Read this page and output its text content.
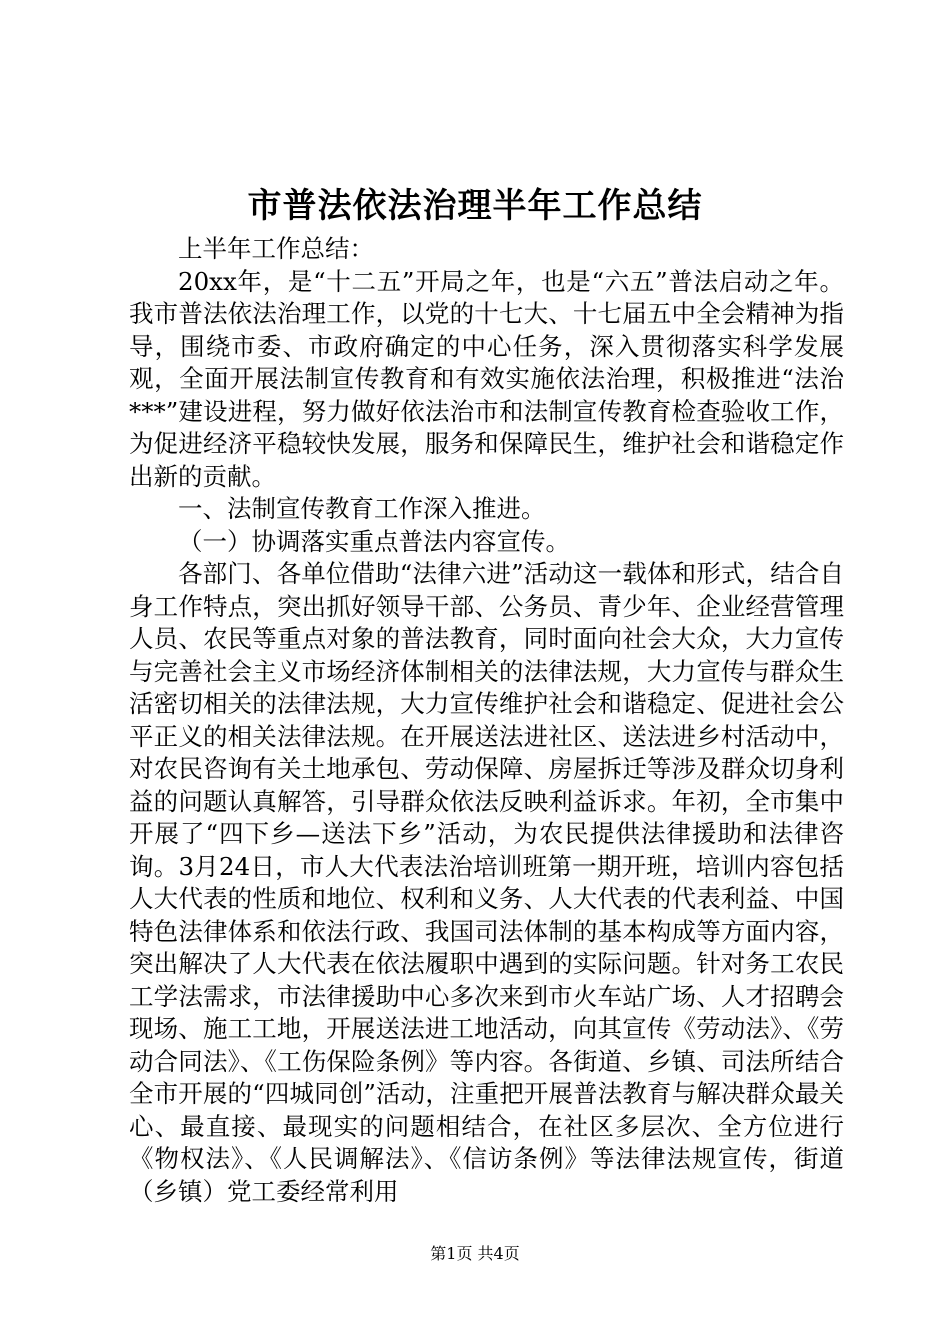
市普法依法治理半年工作总结

上半年工作总结：

20xx年，是“十二五”开局之年，也是“六五”普法启动之年。我市普法依法治理工作，以党的十七大、十七届五中全会精神为指导，围绕市委、市政府确定的中心任务，深入贯彻落实科学发展观，全面开展法制宣传教育和有效实施依法治理，积极推进“法治***”建设进程，努力做好依法治市和法制宣传教育检查验收工作，为促进经济平稳较快发展，服务和保障民生，维护社会和谐稳定作出新的贡献。

一、法制宣传教育工作深入推进。

（一）协调落实重点普法内容宣传。

各部门、各单位借助“法律六进”活动这一载体和形式，结合自身工作特点，突出抓好领导干部、公务员、青少年、企业经营管理人员、农民等重点对象的普法教育，同时面向社会大众，大力宣传与完善社会主义市场经济体制相关的法律法规，大力宣传与群众生活密切相关的法律法规，大力宣传维护社会和谐稳定、促进社会公平正义的相关法律法规。在开展送法进社区、送法进乡村活动中，对农民咨询有关土地承包、劳动保障、房屋拆迁等涉及群众切身利益的问题认真解答，引导群众依法反映利益诉求。年初，全市集中开展了“四下乡—送法下乡”活动，为农民提供法律援助和法律咨询。3月24日，市人大代表法治培训班第一期开班，培训内容包括人大代表的性质和地位、权利和义务、人大代表的代表利益、中国特色法律体系和依法行政、我国司法体制的基本构成等方面内容，突出解决了人大代表在依法履职中遇到的实际问题。针对务工农民工学法需求，市法律援助中心多次来到市火车站广场、人才招聘会现场、施工工地，开展送法进工地活动，向其宣传《劳动法》、《劳动合同法》、《工伤保险条例》等内容。各街道、乡镇、司法所结合全市开展的“四城同创”活动，注重把开展普法教育与解决群众最关心、最直接、最现实的问题相结合，在社区多层次、全方位进行《物权法》、《人民调解法》、《信访条例》等法律法规宣传，街道（乡镇）党工委经常利用

第1页 共4页
